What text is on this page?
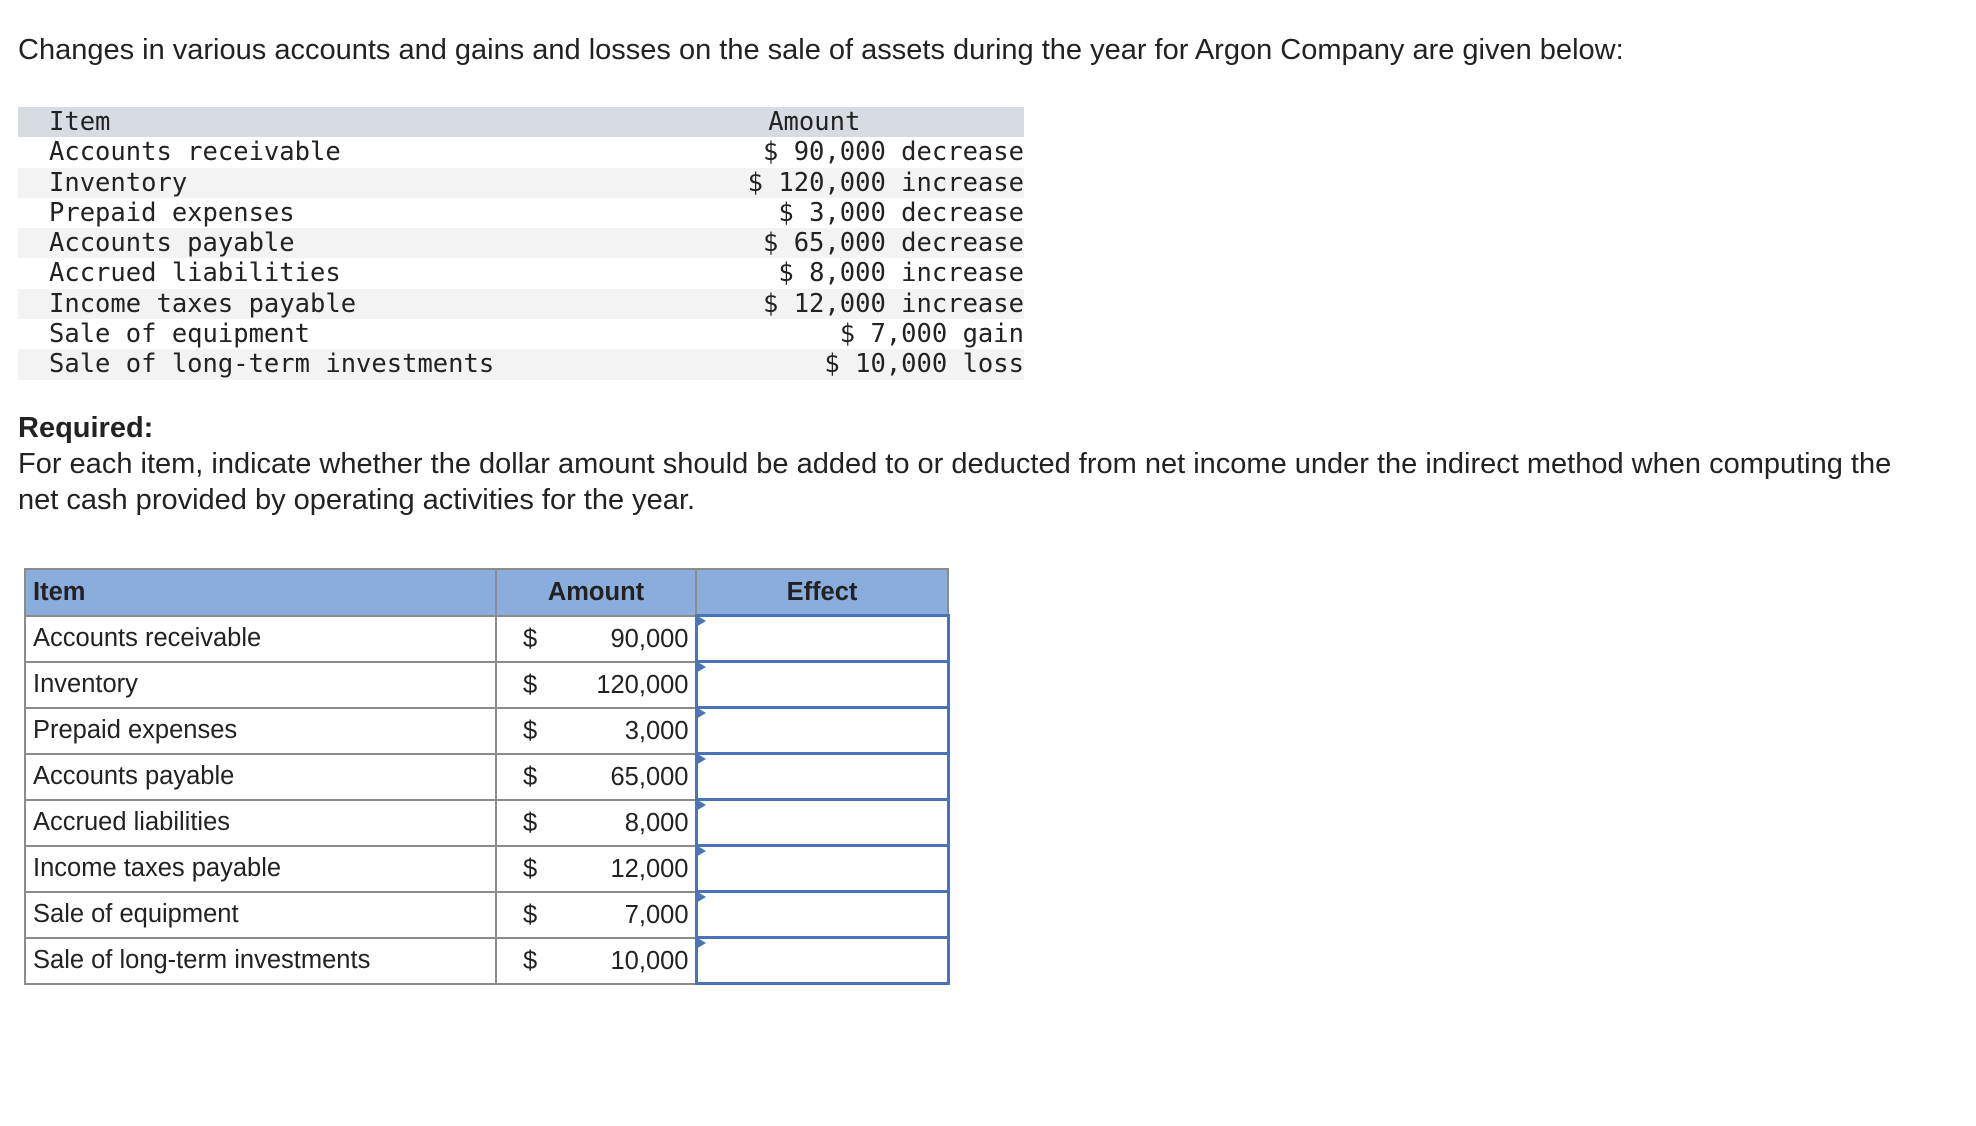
Changes in various accounts and gains and losses on the sale of assets during the year for Argon Company are given below:
Item	Amount
Accounts receivable	$ 90,000 decrease
Inventory	$ 120,000 increase
Prepaid expenses	$ 3,000 decrease
Accounts payable	$ 65,000 decrease
Accrued liabilities	$ 8,000 increase
Income taxes payable	$ 12,000 increase
Sale of equipment	$ 7,000 gain
Sale of long-term investments	$ 10,000 loss
Required:
For each item, indicate whether the dollar amount should be added to or deducted from net income under the indirect method when computing the net cash provided by operating activities for the year.
Item	Amount	Effect
Accounts receivable	$ 90,000

Inventory	$ 120,000

Prepaid expenses	$ 3,000

Accounts payable	$ 65,000

Accrued liabilities	$ 8,000

Income taxes payable	$ 12,000

Sale of equipment	$ 7,000

Sale of long-term investments	$ 10,000
